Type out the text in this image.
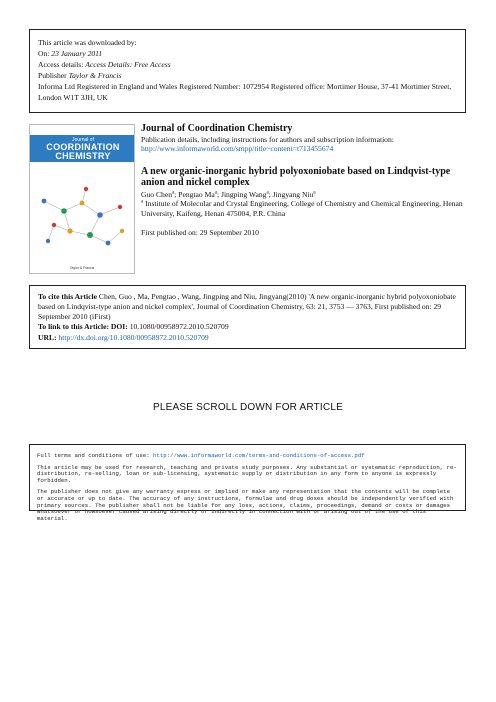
This article was downloaded by:
On: 23 January 2011
Access details: Access Details: Free Access
Publisher Taylor & Francis
Informa Ltd Registered in England and Wales Registered Number: 1072954 Registered office: Mortimer House, 37-41 Mortimer Street, London W1T 3JH, UK
Journal of
COORDINATION
CHEMISTRY
Taylor & Francis
Journal of Coordination Chemistry
Publication details, including instructions for authors and subscription information:
http://www.informaworld.com/smpp/title~content=t713455674
A new organic-inorganic hybrid polyoxoniobate based on Lindqvist-type anion and nickel complex
Guo Chen$^a$; Pengtao Ma$^a$; Jingping Wang$^a$; Jingyang Niu$^a$
$^a$ Institute of Molecular and Crystal Engineering, College of Chemistry and Chemical Engineering, Henan University, Kaifeng, Henan 475004, P.R. China
First published on: 29 September 2010
To cite this Article Chen, Guo , Ma, Pengtao , Wang, Jingping and Niu, Jingyang(2010) 'A new organic-inorganic hybrid polyoxoniobate based on Lindqvist-type anion and nickel complex', Journal of Coordination Chemistry, 63: 21, 3753 — 3763, First published on: 29 September 2010 (iFirst)
To link to this Article: DOI: 10.1080/00958972.2010.520709
URL: http://dx.doi.org/10.1080/00958972.2010.520709
PLEASE SCROLL DOWN FOR ARTICLE

Full terms and conditions of use: http://www.informaworld.com/terms-and-conditions-of-access.pdf

This article may be used for research, teaching and private study purposes. Any substantial or systematic reproduction, re-distribution, re-selling, loan or sub-licensing, systematic supply or distribution in any form to anyone is expressly forbidden.

The publisher does not give any warranty express or implied or make any representation that the contents will be complete or accurate or up to date. The accuracy of any instructions, formulae and drug doses should be independently verified with primary sources. The publisher shall not be liable for any loss, actions, claims, proceedings, demand or costs or damages whatsoever or howsoever caused arising directly or indirectly in connection with or arising out of the use of this material.
